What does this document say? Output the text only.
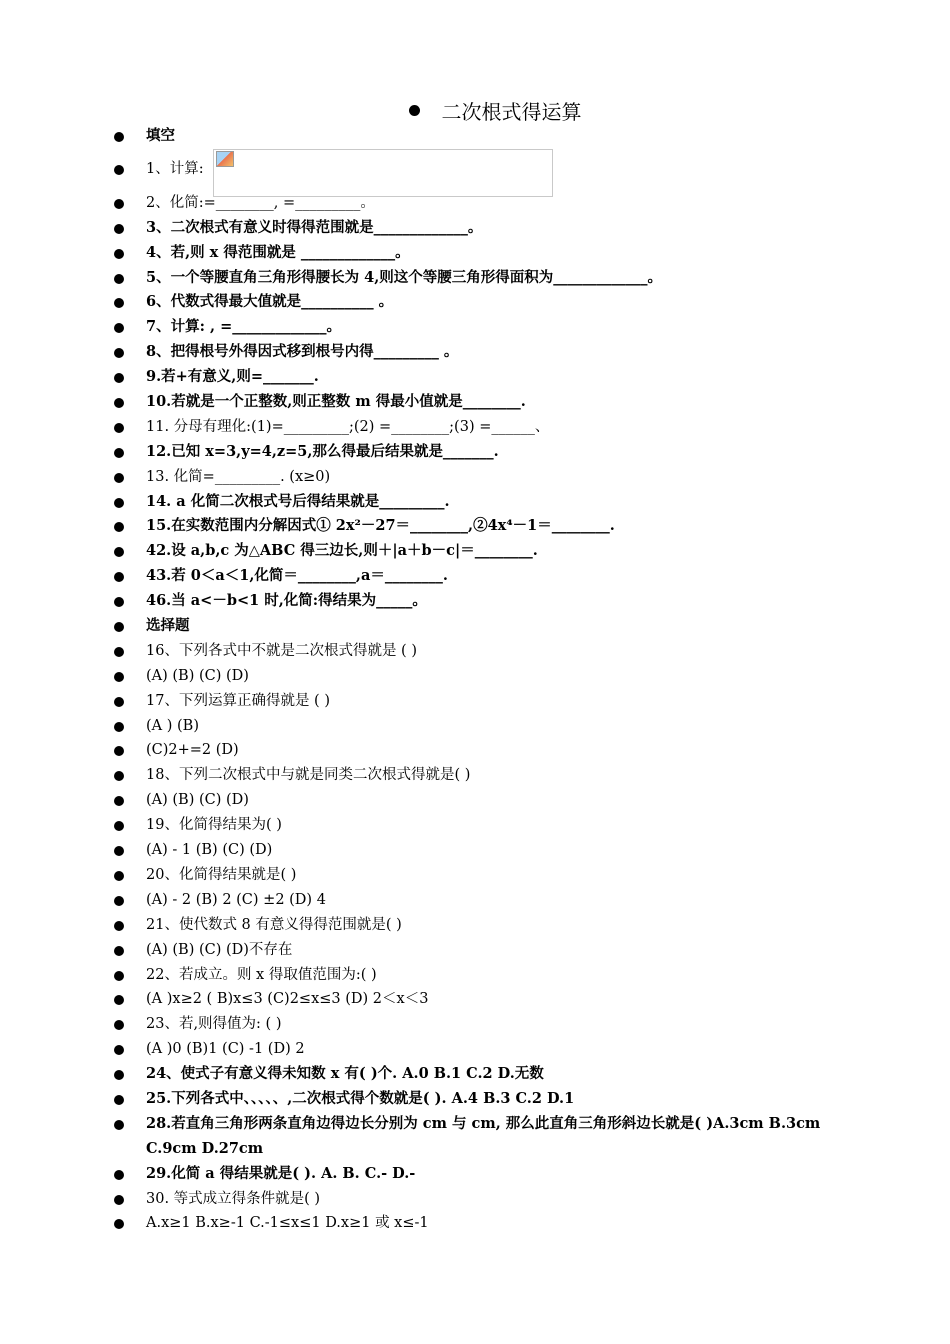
二次根式得运算
填空
1、计算:
2、化简:=________, =_________。
3、二次根式有意义时得得范围就是_____________。
4、若,则 x 得范围就是 _____________。
5、一个等腰直角三角形得腰长为 4,则这个等腰三角形得面积为_____________。
6、代数式得最大值就是__________ 。
7、计算: , =_____________。
8、把得根号外得因式移到根号内得_________ 。
9.若+有意义,则=_______.
10.若就是一个正整数,则正整数 m 得最小值就是________.
11. 分母有理化:(1)=_________;(2) =________;(3) =______、
12.已知 x=3,y=4,z=5,那么得最后结果就是_______.
13. 化简=_________. (x≥0)
14. a 化简二次根式号后得结果就是_________.
15.在实数范围内分解因式① 2x²－27＝________,②4x⁴－1＝________.
42.设 a,b,c 为△ABC 得三边长,则＋|a＋b－c|＝________.
43.若 0＜a＜1,化简＝________,a＝________.
46.当 a<－b<1 时,化简:得结果为_____。
选择题
16、下列各式中不就是二次根式得就是 ( )
(A) (B) (C) (D)
17、下列运算正确得就是 ( )
(A ) (B)
(C)2+=2 (D)
18、下列二次根式中与就是同类二次根式得就是( )
(A) (B) (C) (D)
19、化简得结果为( )
(A) - 1 (B) (C) (D)
20、化简得结果就是( )
(A) - 2 (B) 2 (C) ±2 (D) 4
21、使代数式 8 有意义得得范围就是( )
(A) (B) (C) (D)不存在
22、若成立。则 x 得取值范围为:( )
(A )x≥2 ( B)x≤3 (C)2≤x≤3 (D) 2＜x＜3
23、若,则得值为: ( )
(A )0 (B)1 (C) -1 (D) 2
24、使式子有意义得未知数 x 有( )个. A.0 B.1 C.2 D.无数
25.下列各式中、、、、、,二次根式得个数就是( ). A.4 B.3 C.2 D.1
28.若直角三角形两条直角边得边长分别为 cm 与 cm, 那么此直角三角形斜边长就是( )A.3cm B.3cm C.9cm D.27cm
29.化简 a 得结果就是( ). A. B. C.- D.-
30. 等式成立得条件就是( )
A.x≥1 B.x≥-1 C.-1≤x≤1 D.x≥1 或 x≤-1
